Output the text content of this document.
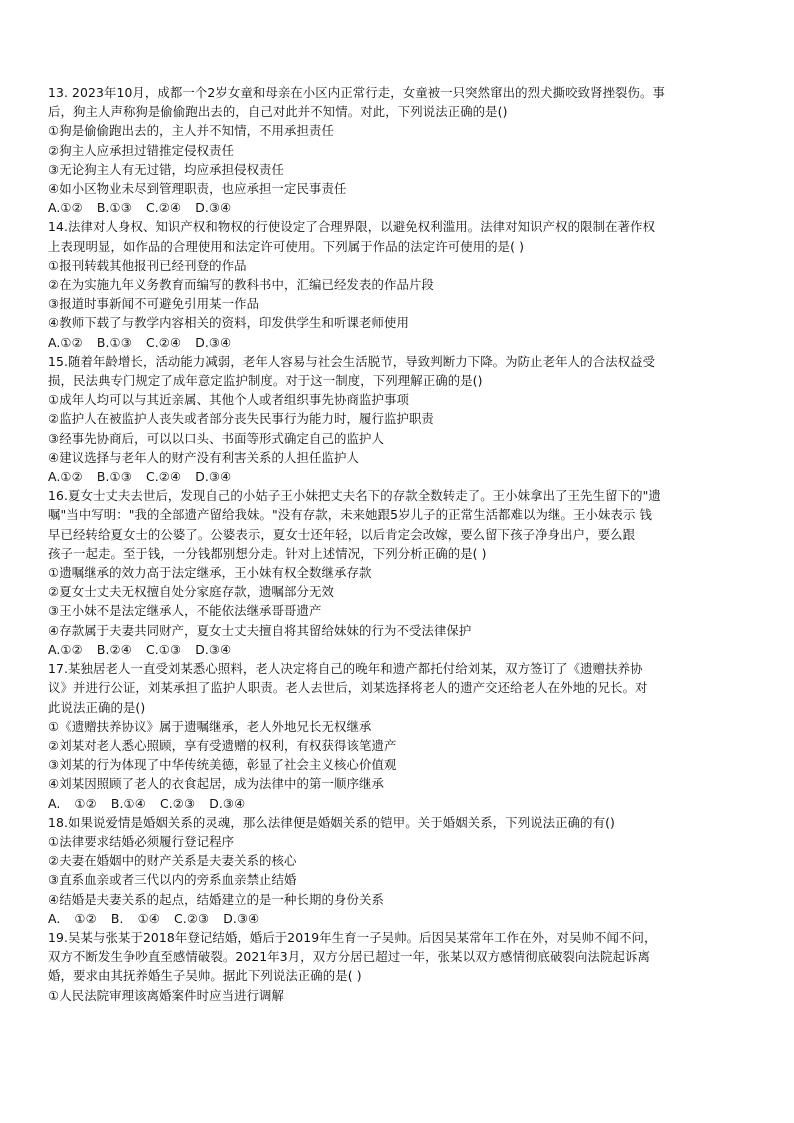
13. 2023年10月，成都一个2岁女童和母亲在小区内正常行走，女童被一只突然窜出的烈犬撕咬致肾挫裂伤。事
后，狗主人声称狗是偷偷跑出去的，自己对此并不知情。对此，下列说法正确的是()
①狗是偷偷跑出去的，主人并不知情，不用承担责任
②狗主人应承担过错推定侵权责任
③无论狗主人有无过错，均应承担侵权责任
④如小区物业未尽到管理职责，也应承担一定民事责任
A.①② B.①③ C.②④ D.③④
14.法律对人身权、知识产权和物权的行使设定了合理界限，以避免权利滥用。法律对知识产权的限制在著作权
上表现明显，如作品的合理使用和法定许可使用。下列属于作品的法定许可使用的是( )
①报刊转载其他报刊已经刊登的作品
②在为实施九年义务教育而编写的教科书中，汇编已经发表的作品片段
③报道时事新闻不可避免引用某一作品
④教师下载了与教学内容相关的资料，印发供学生和听课老师使用
A.①② B.①③ C.②④ D.③④
15.随着年龄增长，活动能力减弱，老年人容易与社会生活脱节，导致判断力下降。为防止老年人的合法权益受
损，民法典专门规定了成年意定监护制度。对于这一制度，下列理解正确的是()
①成年人均可以与其近亲属、其他个人或者组织事先协商监护事项
②监护人在被监护人丧失或者部分丧失民事行为能力时，履行监护职责
③经事先协商后，可以以口头、书面等形式确定自己的监护人
④建议选择与老年人的财产没有利害关系的人担任监护人
A.①② B.①③ C.②④ D.③④
16.夏女士丈夫去世后，发现自己的小姑子王小妹把丈夫名下的存款全数转走了。王小妹拿出了王先生留下的"遗
嘱"当中写明："我的全部遗产留给我妹。"没有存款，未来她跟5岁儿子的正常生活都难以为继。王小妹表示 钱
早已经转给夏女士的公婆了。公婆表示，夏女士还年轻，以后肯定会改嫁，要么留下孩子净身出户，要么跟
孩子一起走。至于钱，一分钱都别想分走。针对上述情况，下列分析正确的是( )
①遗嘱继承的效力高于法定继承，王小妹有权全数继承存款
②夏女士丈夫无权擅自处分家庭存款，遗嘱部分无效
③王小妹不是法定继承人，不能依法继承哥哥遗产
④存款属于夫妻共同财产，夏女士丈夫擅自将其留给妹妹的行为不受法律保护
A.①② B.②④ C.①③ D.③④
17.某独居老人一直受刘某悉心照料，老人决定将自己的晚年和遗产都托付给刘某，双方签订了《遗赠扶养协
议》并进行公证，刘某承担了监护人职责。老人去世后，刘某选择将老人的遗产交还给老人在外地的兄长。对
此说法正确的是()
①《遗赠扶养协议》属于遗嘱继承，老人外地兄长无权继承
②刘某对老人悉心照顾，享有受遗赠的权利，有权获得该笔遗产
③刘某的行为体现了中华传统美德，彰显了社会主义核心价值观
④刘某因照顾了老人的衣食起居，成为法律中的第一顺序继承
A. ①② B.①④ C.②③ D.③④
18.如果说爱情是婚姻关系的灵魂，那么法律便是婚姻关系的铠甲。关于婚姻关系，下列说法正确的有()
①法律要求结婚必须履行登记程序
②夫妻在婚姻中的财产关系是夫妻关系的核心
③直系血亲或者三代以内的旁系血亲禁止结婚
④结婚是夫妻关系的起点，结婚建立的是一种长期的身份关系
A. ①② B. ①④ C.②③ D.③④
19.吴某与张某于2018年登记结婚，婚后于2019年生育一子吴帅。后因吴某常年工作在外，对吴帅不闻不问，
双方不断发生争吵直至感情破裂。2021年3月，双方分居已超过一年，张某以双方感情彻底破裂向法院起诉离
婚，要求由其抚养婚生子吴帅。据此下列说法正确的是( )
①人民法院审理该离婚案件时应当进行调解
